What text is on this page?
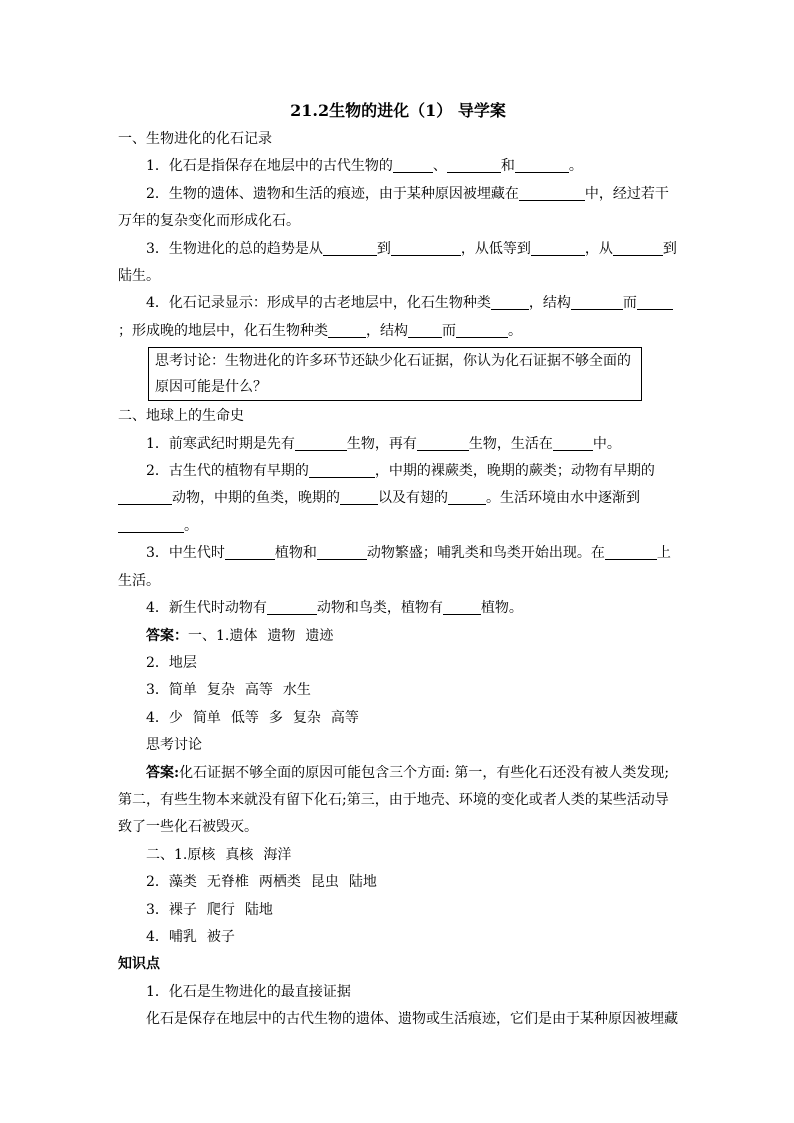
21.2生物的进化（1） 导学案

一、生物进化的化石记录

1．化石是指保存在地层中的古代生物的	、	和	。

2．生物的遗体、遗物和生活的痕迹，由于某种原因被埋藏在	中，经过若干万年的复杂变化而形成化石。

3．生物进化的总的趋势是从	到	，从低等到	，从	到陆生。

4．化石记录显示：形成早的古老地层中，化石生物种类	，结构	而；形成晚的地层中，化石生物种类	，结构 而	。

思考讨论：生物进化的许多环节还缺少化石证据，你认为化石证据不够全面的原因可能是什么？

二、地球上的生命史

1．前寒武纪时期是先有	生物，再有	生物，生活在	中。

2．古生代的植物有早期的	，中期的裸蕨类，晚期的蕨类；动物有早期的动物，中期的鱼类，晚期的	以及有翅的	。生活环境由水中逐渐到。

3．中生代时	植物和	动物繁盛；哺乳类和鸟类开始出现。在	上生活。

4．新生代时动物有	动物和鸟类，植物有	植物。

答案：一、1.遗体 遗物 遗迹

2．地层

3．简单 复杂 高等 水生

4．少 简单 低等 多 复杂 高等

思考讨论

答案:化石证据不够全面的原因可能包含三个方面: 第一，有些化石还没有被人类发现;第二，有些生物本来就没有留下化石;第三，由于地壳、环境的变化或者人类的某些活动导致了一些化石被毁灭。

二、1.原核 真核 海洋

2．藻类 无脊椎 两栖类 昆虫 陆地

3．裸子 爬行 陆地

4．哺乳 被子

知识点

1．化石是生物进化的最直接证据

化石是保存在地层中的古代生物的遗体、遗物或生活痕迹，它们是由于某种原因被埋藏
